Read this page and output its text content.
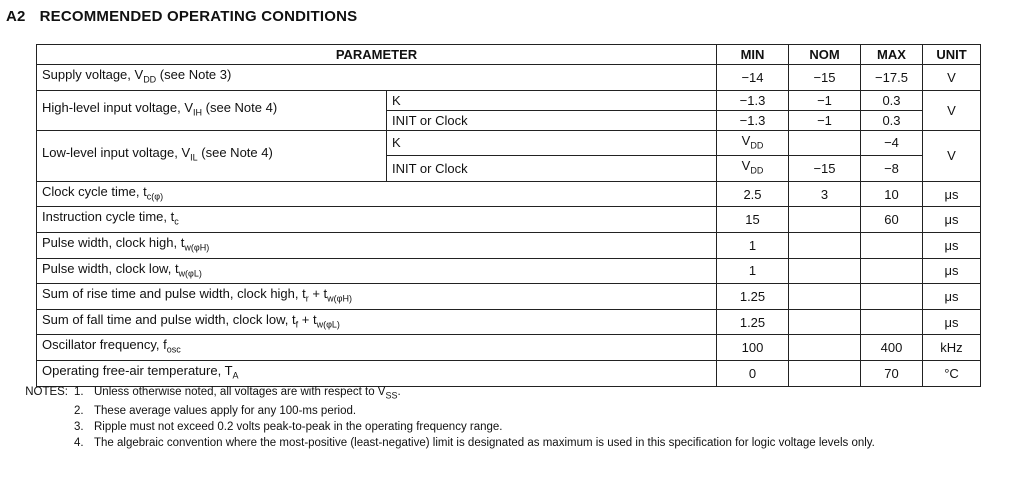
A2 RECOMMENDED OPERATING CONDITIONS
PARAMETER		MIN	NOM	MAX	UNIT
Supply voltage, $V_{DD}$ (see Note 3)		−14	−15	−17.5	V
High-level input voltage, $V_{IH}$ (see Note 4)	K	−1.3	−1	0.3	V
	INIT or Clock	−1.3	−1	0.3	
Low-level input voltage, $V_{IL}$ (see Note 4)	K	$V_{DD}$		−4	V
	INIT or Clock	$V_{DD}$	−15	−8	
Clock cycle time, $t_{c(\varphi)}$		2.5	3	10	μs
Instruction cycle time, $t_c$		15		60	μs
Pulse width, clock high, $t_{w(\varphi H)}$		1			μs
Pulse width, clock low, $t_{w(\varphi L)}$		1			μs
Sum of rise time and pulse width, clock high, $t_r + t_{w(\varphi H)}$		1.25			μs
Sum of fall time and pulse width, clock low, $t_f + t_{w(\varphi L)}$		1.25			μs
Oscillator frequency, $f_{osc}$		100		400	kHz
Operating free-air temperature, $T_A$		0		70	°C
NOTES: 1. Unless otherwise noted, all voltages are with respect to $V_{SS}$.
2. These average values apply for any 100-ms period.
3. Ripple must not exceed 0.2 volts peak-to-peak in the operating frequency range.
4. The algebraic convention where the most-positive (least-negative) limit is designated as maximum is used in this specification for logic voltage levels only.
